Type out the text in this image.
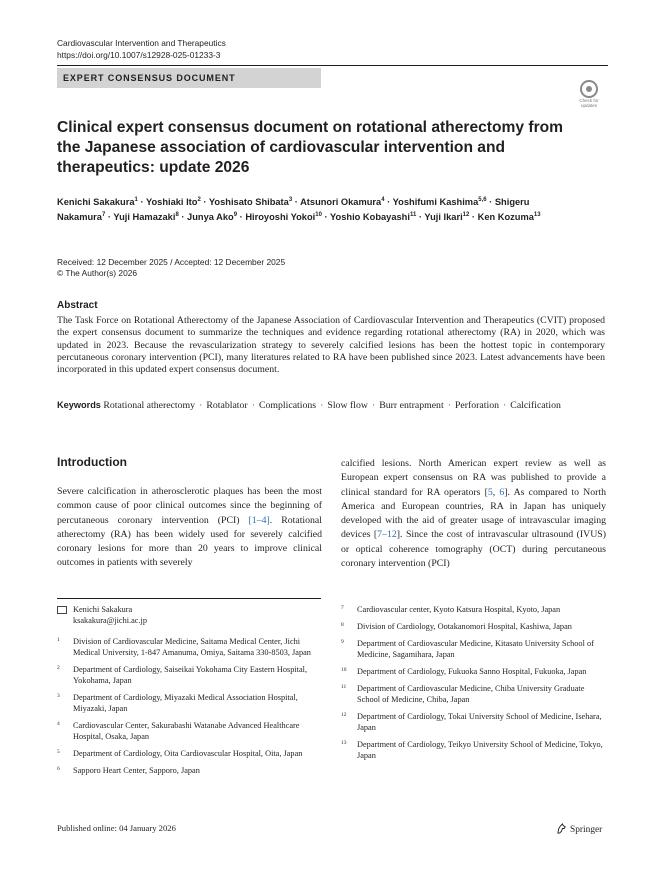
Cardiovascular Intervention and Therapeutics
https://doi.org/10.1007/s12928-025-01233-3
EXPERT CONSENSUS DOCUMENT
Check for
updates
Clinical expert consensus document on rotational atherectomy from the Japanese association of cardiovascular intervention and therapeutics: update 2026
Kenichi Sakakura$^1$ · Yoshiaki Ito$^2$ · Yoshisato Shibata$^3$ · Atsunori Okamura$^4$ · Yoshifumi Kashima$^{5,6}$ · Shigeru Nakamura$^7$ · Yuji Hamazaki$^8$ · Junya Ako$^9$ · Hiroyoshi Yokoi$^{10}$ · Yoshio Kobayashi$^{11}$ · Yuji Ikari$^{12}$ · Ken Kozuma$^{13}$
Received: 12 December 2025 / Accepted: 12 December 2025
© The Author(s) 2026
Abstract
The Task Force on Rotational Atherectomy of the Japanese Association of Cardiovascular Intervention and Therapeutics (CVIT) proposed the expert consensus document to summarize the techniques and evidence regarding rotational atherectomy (RA) in 2020, which was updated in 2023. Because the revascularization strategy to severely calcified lesions has been the hottest topic in contemporary percutaneous coronary intervention (PCI), many literatures related to RA have been published since 2023. Latest advancements have been incorporated in this updated expert consensus document.
Keywords Rotational atherectomy · Rotablator · Complications · Slow flow · Burr entrapment · Perforation · Calcification
Introduction
Severe calcification in atherosclerotic plaques has been the most common cause of poor clinical outcomes since the beginning of percutaneous coronary intervention (PCI) [1–4]. Rotational atherectomy (RA) has been widely used for severely calcified coronary lesions for more than 20 years to improve clinical outcomes in patients with severely
calcified lesions. North American expert review as well as European expert consensus on RA was published to provide a clinical standard for RA operators [5, 6]. As compared to North America and European countries, RA in Japan has uniquely developed with the aid of greater usage of intravascular imaging devices [7–12]. Since the cost of intravascular ultrasound (IVUS) or optical coherence tomography (OCT) during percutaneous coronary intervention (PCI)
Kenichi Sakakura
ksakakura@jichi.ac.jp
1	Division of Cardiovascular Medicine, Saitama Medical Center, Jichi Medical University, 1-847 Amanuma, Omiya, Saitama 330-8503, Japan
2	Department of Cardiology, Saiseikai Yokohama City Eastern Hospital, Yokohama, Japan
3	Department of Cardiology, Miyazaki Medical Association Hospital, Miyazaki, Japan
4	Cardiovascular Center, Sakurabashi Watanabe Advanced Healthcare Hospital, Osaka, Japan
5	Department of Cardiology, Oita Cardiovascular Hospital, Oita, Japan
6	Sapporo Heart Center, Sapporo, Japan
7	Cardiovascular center, Kyoto Katsura Hospital, Kyoto, Japan
8	Division of Cardiology, Ootakanomori Hospital, Kashiwa, Japan
9	Department of Cardiovascular Medicine, Kitasato University School of Medicine, Sagamihara, Japan
10	Department of Cardiology, Fukuoka Sanno Hospital, Fukuoka, Japan
11	Department of Cardiovascular Medicine, Chiba University Graduate School of Medicine, Chiba, Japan
12	Department of Cardiology, Tokai University School of Medicine, Isehara, Japan
13	Department of Cardiology, Teikyo University School of Medicine, Tokyo, Japan
Published online: 04 January 2026	Springer
